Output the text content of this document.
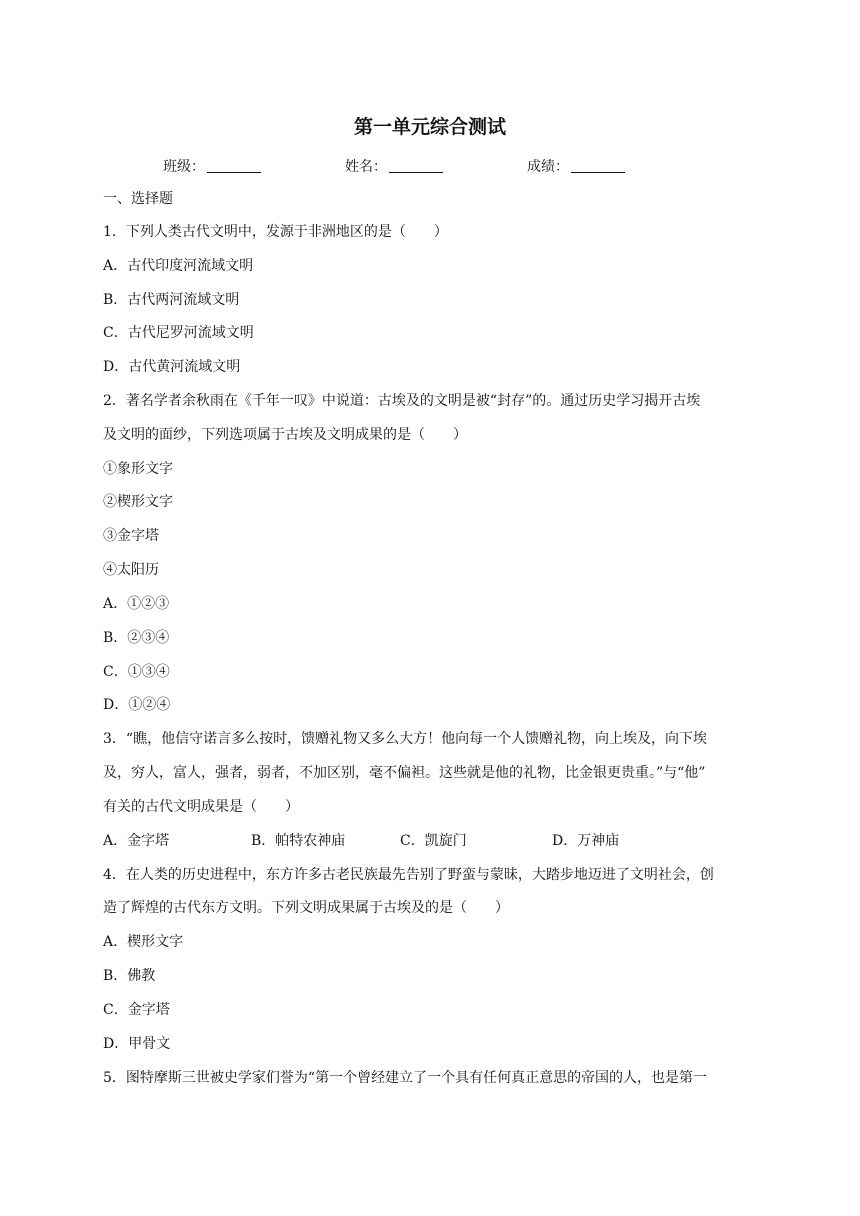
第一单元综合测试
班级：	姓名：	成绩：
一、选择题
1．下列人类古代文明中，发源于非洲地区的是（　　）
A．古代印度河流域文明
B．古代两河流域文明
C．古代尼罗河流域文明
D．古代黄河流域文明
2．著名学者余秋雨在《千年一叹》中说道：古埃及的文明是被“封存”的。通过历史学习揭开古埃
及文明的面纱，下列选项属于古埃及文明成果的是（　　）
①象形文字
②楔形文字
③金字塔
④太阳历
A．①②③
B．②③④
C．①③④
D．①②④
3．“瞧，他信守诺言多么按时，馈赠礼物又多么大方！他向每一个人馈赠礼物，向上埃及，向下埃
及，穷人，富人，强者，弱者，不加区别，毫不偏袒。这些就是他的礼物，比金银更贵重。”与“他”
有关的古代文明成果是（　　）
A．金字塔	B．帕特农神庙	C．凯旋门	D．万神庙
4．在人类的历史进程中，东方许多古老民族最先告别了野蛮与蒙昧，大踏步地迈进了文明社会，创
造了辉煌的古代东方文明。下列文明成果属于古埃及的是（　　）
A．楔形文字
B．佛教
C．金字塔
D．甲骨文
5．图特摩斯三世被史学家们誉为“第一个曾经建立了一个具有任何真正意思的帝国的人，也是第一
